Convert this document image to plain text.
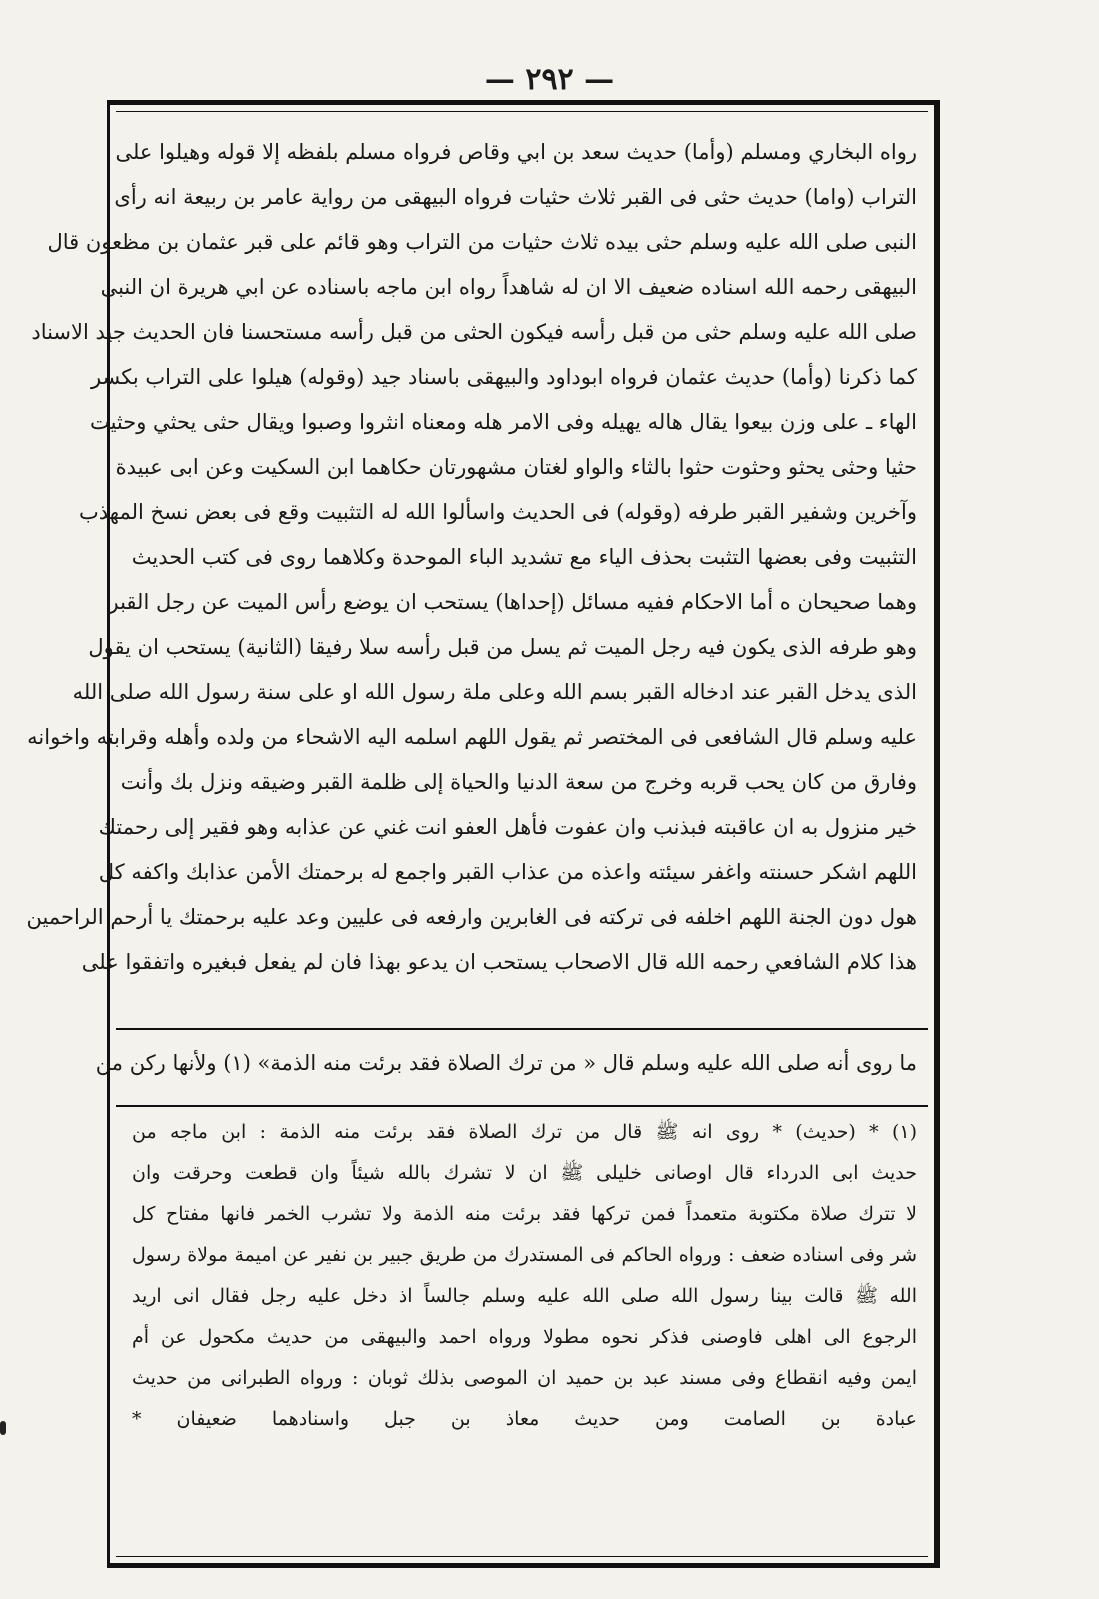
— ٢٩٢ —
رواه البخاري ومسلم (وأما) حديث سعد بن ابي وقاص فرواه مسلم بلفظه إلا قوله وهيلوا على
التراب (واما) حديث حثى فى القبر ثلاث حثيات فرواه البيهقى من رواية عامر بن ربيعة انه رأى
النبى صلى الله عليه وسلم حثى بيده ثلاث حثيات من التراب وهو قائم على قبر عثمان بن مظعون قال
البيهقى رحمه الله اسناده ضعيف الا ان له شاهداً رواه ابن ماجه باسناده عن ابي هريرة ان النبى
صلى الله عليه وسلم حثى من قبل رأسه فيكون الحثى من قبل رأسه مستحسنا فان الحديث جيد الاسناد
كما ذكرنا (وأما) حديث عثمان فرواه ابوداود والبيهقى باسناد جيد (وقوله) هيلوا على التراب بكسر
الهاء ـ على وزن بيعوا يقال هاله يهيله وفى الامر هله ومعناه انثروا وصبوا ويقال حثى يحثي وحثيت
حثيا وحثى يحثو وحثوت حثوا بالثاء والواو لغتان مشهورتان حكاهما ابن السكيت وعن ابى عبيدة
وآخرين وشفير القبر طرفه (وقوله) فى الحديث واسألوا الله له التثبيت وقع فى بعض نسخ المهذب
التثبيت وفى بعضها التثبت بحذف الياء مع تشديد الباء الموحدة وكلاهما روى فى كتب الحديث
وهما صحيحان ه أما الاحكام ففيه مسائل (إحداها) يستحب ان يوضع رأس الميت عن رجل القبر
وهو طرفه الذى يكون فيه رجل الميت ثم يسل من قبل رأسه سلا رفيقا (الثانية) يستحب ان يقول
الذى يدخل القبر عند ادخاله القبر بسم الله وعلى ملة رسول الله او على سنة رسول الله صلى الله
عليه وسلم قال الشافعى فى المختصر ثم يقول اللهم اسلمه اليه الاشحاء من ولده وأهله وقرابته واخوانه
وفارق من كان يحب قربه وخرج من سعة الدنيا والحياة إلى ظلمة القبر وضيقه ونزل بك وأنت
خير منزول به ان عاقبته فبذنب وان عفوت فأهل العفو انت غني عن عذابه وهو فقير إلى رحمتك
اللهم اشكر حسنته واغفر سيئته واعذه من عذاب القبر واجمع له برحمتك الأمن عذابك واكفه كل
هول دون الجنة اللهم اخلفه فى تركته فى الغابرين وارفعه فى عليين وعد عليه برحمتك يا أرحم الراحمين
هذا كلام الشافعي رحمه الله قال الاصحاب يستحب ان يدعو بهذا فان لم يفعل فبغيره واتفقوا على
ما روى أنه صلى الله عليه وسلم قال « من ترك الصلاة فقد برئت منه الذمة» (١) ولأنها ركن من
(١) * (حديث) * روى انه ﷺ قال من ترك الصلاة فقد برئت منه الذمة : ابن ماجه من
حديث ابى الدرداء قال اوصانى خليلى ﷺ ان لا تشرك بالله شيئاً وان قطعت وحرقت وان
لا تترك صلاة مكتوبة متعمداً فمن تركها فقد برئت منه الذمة ولا تشرب الخمر فانها مفتاح كل
شر وفى اسناده ضعف : ورواه الحاكم فى المستدرك من طريق جبير بن نفير عن اميمة مولاة رسول
الله ﷺ قالت بينا رسول الله صلى الله عليه وسلم جالساً اذ دخل عليه رجل فقال انى اريد
الرجوع الى اهلى فاوصنى فذكر نحوه مطولا ورواه احمد والبيهقى من حديث مكحول عن أم
ايمن وفيه انقطاع وفى مسند عبد بن حميد ان الموصى بذلك ثوبان : ورواه الطبرانى من حديث
عبادة بن الصامت ومن حديث معاذ بن جبل واسنادهما ضعيفان *
